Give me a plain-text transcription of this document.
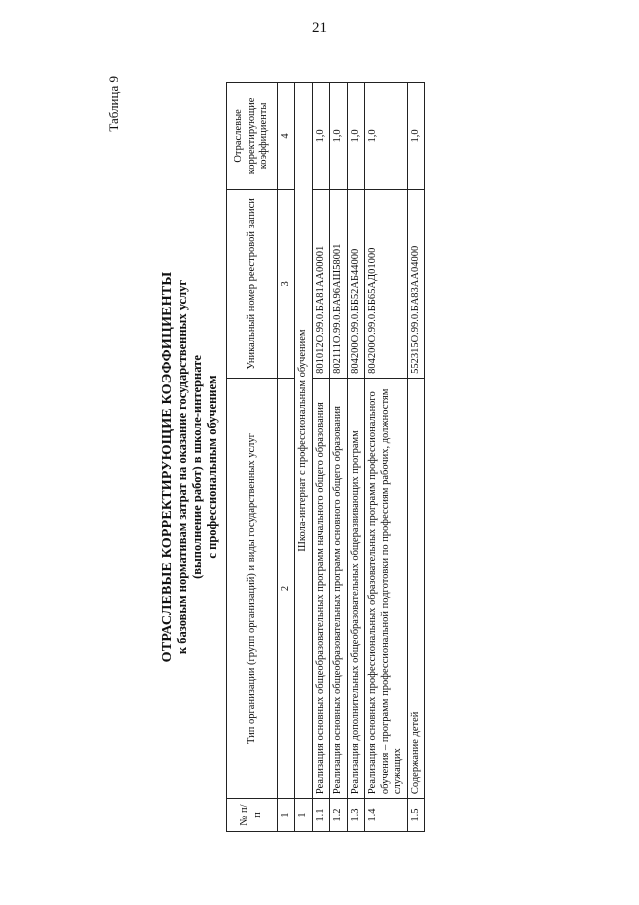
21
Таблица 9
ОТРАСЛЕВЫЕ КОРРЕКТИРУЮЩИЕ КОЭФФИЦИЕНТЫ к базовым нормативам затрат на оказание государственных услуг (выполнение работ) в школе-интернате с профессиональным обучением
№ п/п	Тип организации (групп организаций) и виды государственных услуг	Уникальный номер реестровой записи	Отраслевые корректирующие коэффициенты
1	2	3	4
1	Школа-интернат с профессиональным обучением		
1.1	Реализация основных общеобразовательных программ начального общего образования	801012О.99.0.БА81АА00001	1,0
1.2	Реализация основных общеобразовательных программ основного общего образования	802111О.99.0.БА96АШ58001	1,0
1.3	Реализация дополнительных общеобразовательных общеразвивающих программ	804200О.99.0.ББ52АБ44000	1,0
1.4	Реализация основных профессиональных образовательных программ профессионального обучения – программ профессиональной подготовки по профессиям рабочих, должностям служащих	804200О.99.0.ББ65АД01000	1,0
1.5	Содержание детей	552315О.99.0.БА83АА04000	1,0
